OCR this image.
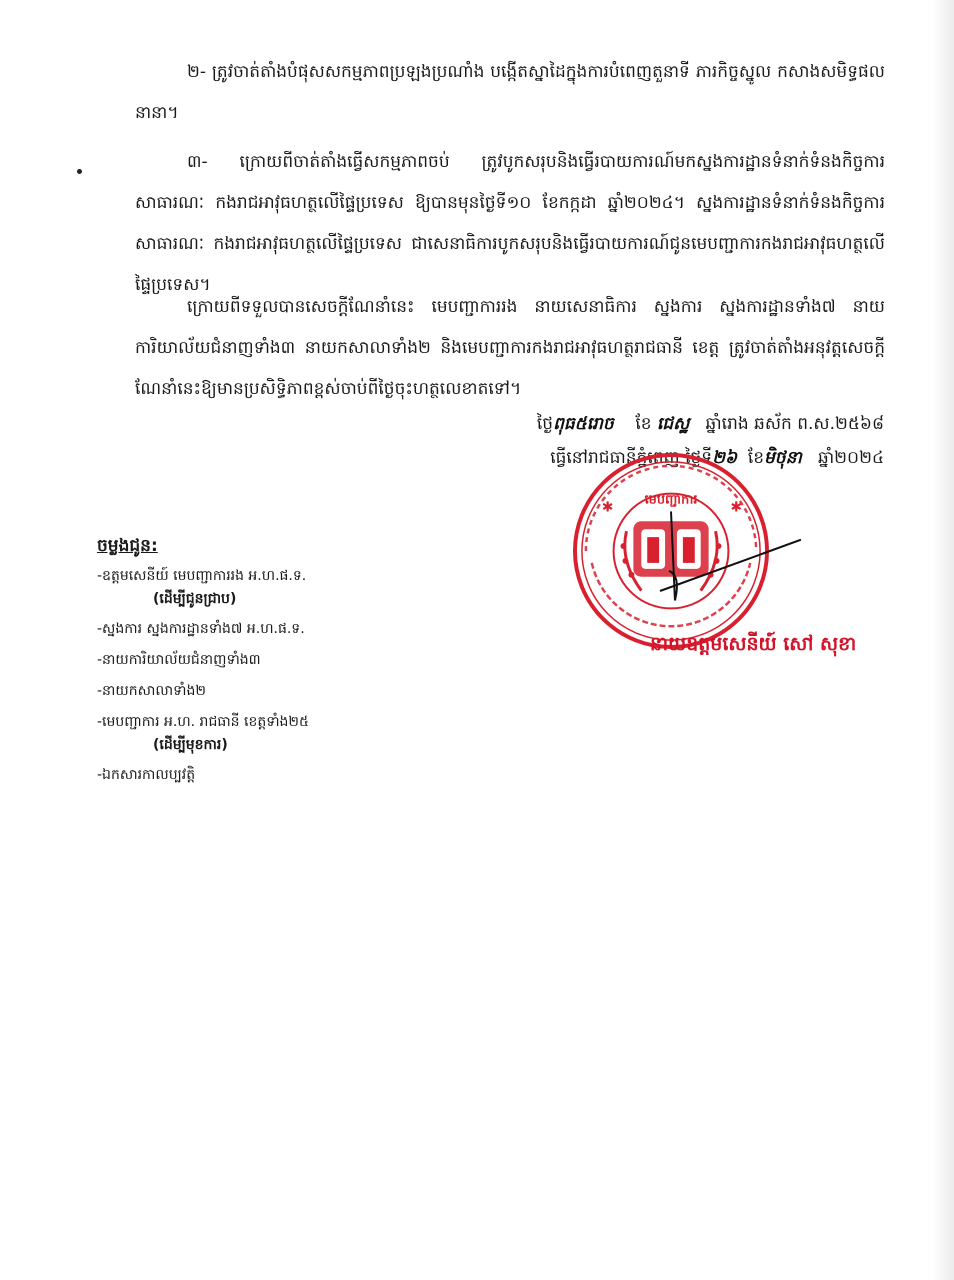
២- ត្រូវចាត់តាំងបំផុសសកម្មភាពប្រឡងប្រណាំង បង្កើតស្នាដៃក្នុងការបំពេញតួនាទី ភារកិច្ចស្នូល កសាងសមិទ្ធផលនានា។

៣- ក្រោយពីចាត់តាំងធ្វើសកម្មភាពចប់ ត្រូវបូកសរុបនិងធ្វើរបាយការណ៍មកស្នងការដ្ឋានទំនាក់ទំនងកិច្ចការសាធារណៈ កងរាជអាវុធហត្ថលើផ្ទៃប្រទេស ឱ្យបានមុនថ្ងៃទី១០ ខែកក្កដា ឆ្នាំ២០២៤។ ស្នងការដ្ឋានទំនាក់ទំនងកិច្ចការសាធារណៈ កងរាជអាវុធហត្ថលើផ្ទៃប្រទេស ជាសេនាធិការបូកសរុបនិងធ្វើរបាយការណ៍ជូនមេបញ្ជាការកងរាជអាវុធហត្ថលើផ្ទៃប្រទេស។

ក្រោយពីទទួលបានសេចក្តីណែនាំនេះ មេបញ្ជាការរង នាយសេនាធិការ ស្នងការ ស្នងការដ្ឋានទាំង៧ នាយការិយាល័យជំនាញទាំង៣ នាយកសាលាទាំង២ និងមេបញ្ជាការកងរាជអាវុធហត្ថរាជធានី ខេត្ត ត្រូវចាត់តាំងអនុវត្តសេចក្តីណែនាំនេះឱ្យមានប្រសិទ្ធិភាពខ្ពស់ចាប់ពីថ្ងៃចុះហត្ថលេខាតទៅ។

ថ្ងៃពុធ៥រោច ខែ ជេស្ឋ ឆ្នាំរោង ឆស័ក ព.ស.២៥៦៨
ធ្វើនៅរាជធានីភ្នំពេញ ថ្ងៃទី២៦ ខែមិថុនា ឆ្នាំ២០២៤
✱	✱
មេបញ្ជាការ
នាយឧត្តមសេនីយ៍ សៅ សុខា
ចម្លងជូន:
-ឧត្តមសេនីយ៍ មេបញ្ជាការរង អ.ហ.ផ.ទ.
(ដើម្បីជូនជ្រាប)
-ស្នងការ ស្នងការដ្ឋានទាំង៧ អ.ហ.ផ.ទ.
-នាយការិយាល័យជំនាញទាំង៣
-នាយកសាលាទាំង២
-មេបញ្ជាការ អ.ហ. រាជធានី ខេត្តទាំង២៥
(ដើម្បីមុខការ)
-ឯកសារកាលប្បវត្តិ
